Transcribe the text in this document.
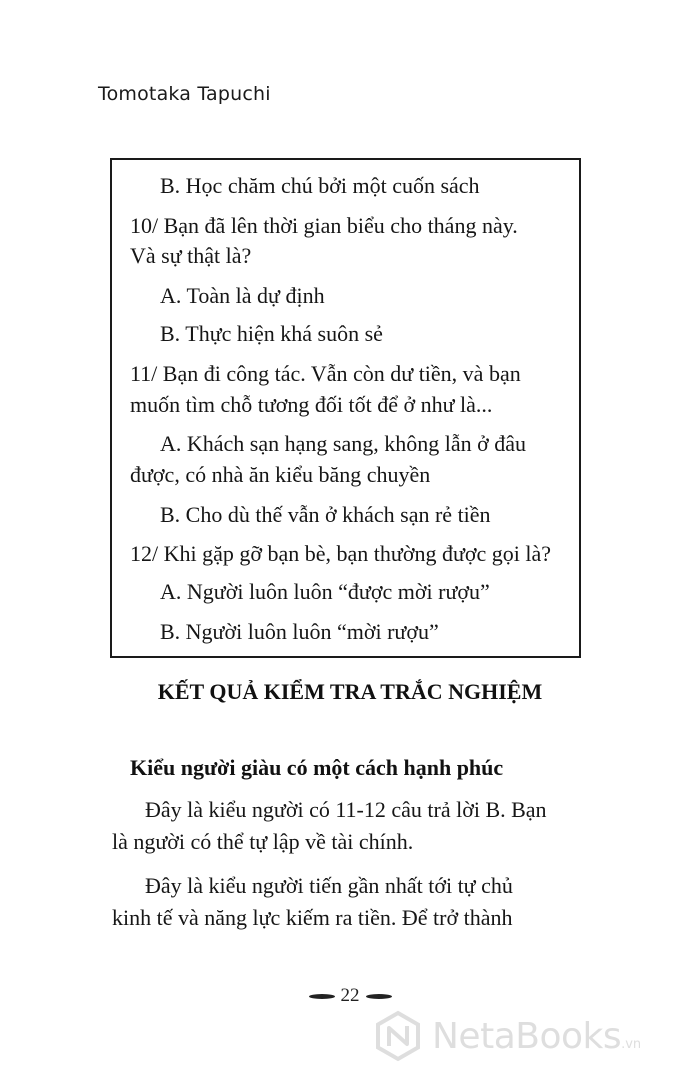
Tomotaka Tapuchi
B. Học chăm chú bởi một cuốn sách
10/ Bạn đã lên thời gian biểu cho tháng này.
Và sự thật là?
A. Toàn là dự định
B. Thực hiện khá suôn sẻ
11/ Bạn đi công tác. Vẫn còn dư tiền, và bạn
muốn tìm chỗ tương đối tốt để ở như là...
A. Khách sạn hạng sang, không lẫn ở đâu
được, có nhà ăn kiểu băng chuyền
B. Cho dù thế vẫn ở khách sạn rẻ tiền
12/ Khi gặp gỡ bạn bè, bạn thường được gọi là?
A. Người luôn luôn “được mời rượu”
B. Người luôn luôn “mời rượu”
KẾT QUẢ KIỂM TRA TRẮC NGHIỆM
Kiểu người giàu có một cách hạnh phúc
Đây là kiểu người có 11-12 câu trả lời B. Bạn
là người có thể tự lập về tài chính.
Đây là kiểu người tiến gần nhất tới tự chủ
kinh tế và năng lực kiếm ra tiền. Để trở thành
22
NetaBooks .vn
